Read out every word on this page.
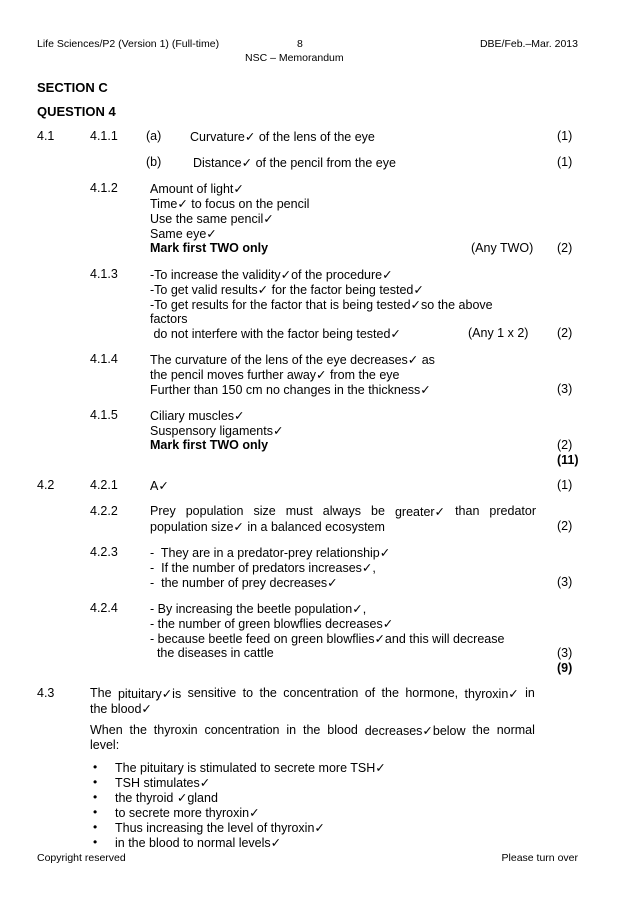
Life Sciences/P2 (Version 1) (Full-time)	8	DBE/Feb.–Mar. 2013
NSC – Memorandum
SECTION C
QUESTION 4
4.1	4.1.1 (a) Curvature✓ of the lens of the eye	(1)
(b)	Distance✓ of the pencil from the eye	(1)
4.1.2	Amount of light✓
Time✓ to focus on the pencil
Use the same pencil✓
Same eye✓
Mark first TWO only	(Any TWO) (2)
4.1.3	-To increase the validity✓of the procedure✓
-To get valid results✓ for the factor being tested✓
-To get results for the factor that is being tested✓so the above
factors
do not interfere with the factor being tested✓	(Any 1 x 2) (2)
4.1.4	The curvature of the lens of the eye decreases✓ as
the pencil moves further away✓ from the eye
Further than 150 cm no changes in the thickness✓	(3)
4.1.5	Ciliary muscles✓
Suspensory ligaments✓
Mark first TWO only	(2)
(11)
4.2	4.2.1	A✓	(1)
4.2.2	Prey population size must always be greater✓ than predator
population size✓ in a balanced ecosystem	(2)
4.2.3	-  They are in a predator-prey relationship✓
-  If the number of predators increases✓,
-  the number of prey decreases✓	(3)
4.2.4	- By increasing the beetle population✓,
- the number of green blowflies decreases✓
- because beetle feed on green blowflies✓and this will decrease
the diseases in cattle	(3)
(9)
4.3	The pituitary✓is sensitive to the concentration of the hormone, thyroxin✓ in
the blood✓
When the thyroxin concentration in the blood decreases✓below the normal
level:
• The pituitary is stimulated to secrete more TSH✓
• TSH stimulates✓
• the thyroid ✓gland
• to secrete more thyroxin✓
• Thus increasing the level of thyroxin✓
• in the blood to normal levels✓
Copyright reserved	Please turn over
